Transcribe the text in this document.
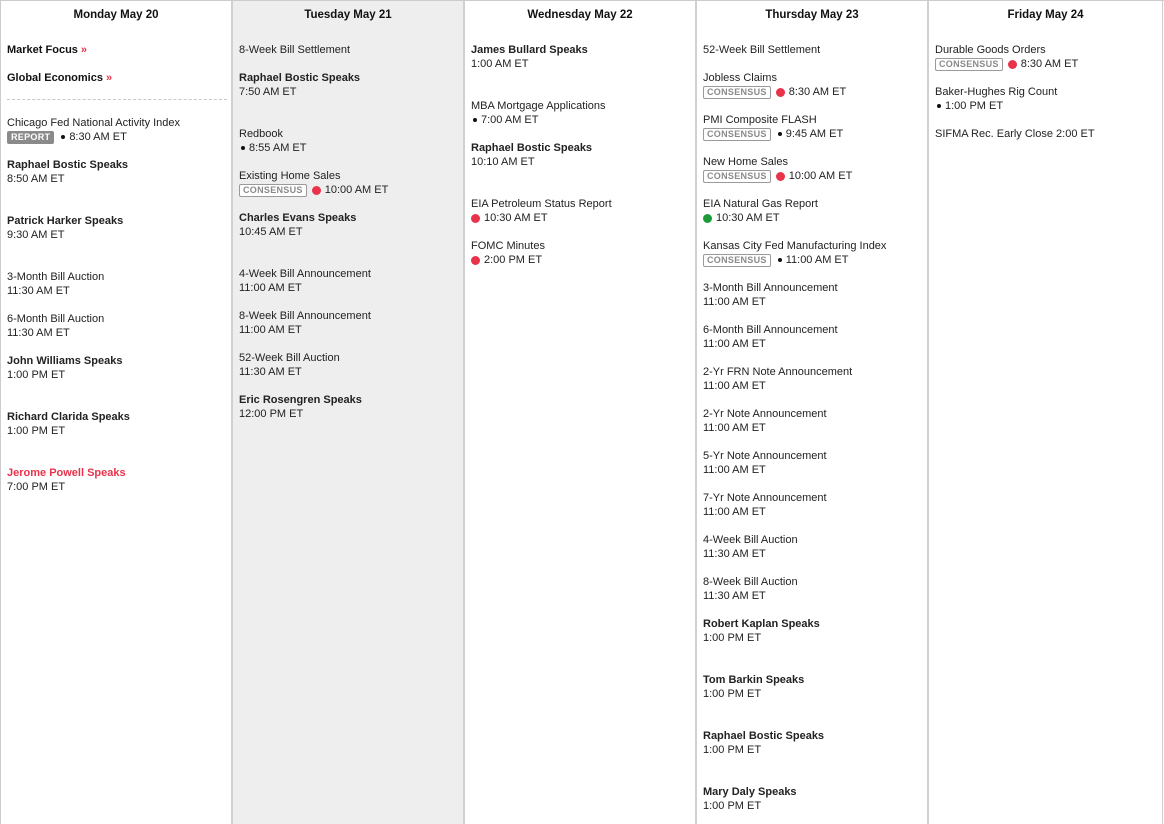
Monday May 20
Market Focus »
Global Economics »
Chicago Fed National Activity Index
REPORT	8:30 AM ET
Raphael Bostic Speaks
8:50 AM ET
Patrick Harker Speaks
9:30 AM ET
3-Month Bill Auction
11:30 AM ET
6-Month Bill Auction
11:30 AM ET
John Williams Speaks
1:00 PM ET
Richard Clarida Speaks
1:00 PM ET
Jerome Powell Speaks
7:00 PM ET
Tuesday May 21
8-Week Bill Settlement
Raphael Bostic Speaks
7:50 AM ET
Redbook
8:55 AM ET
Existing Home Sales
CONSENSUS	10:00 AM ET
Charles Evans Speaks
10:45 AM ET
4-Week Bill Announcement
11:00 AM ET
8-Week Bill Announcement
11:00 AM ET
52-Week Bill Auction
11:30 AM ET
Eric Rosengren Speaks
12:00 PM ET
Wednesday May 22
James Bullard Speaks
1:00 AM ET
MBA Mortgage Applications
7:00 AM ET
Raphael Bostic Speaks
10:10 AM ET
EIA Petroleum Status Report
10:30 AM ET
FOMC Minutes
2:00 PM ET
Thursday May 23
52-Week Bill Settlement
Jobless Claims
CONSENSUS	8:30 AM ET
PMI Composite FLASH
CONSENSUS	9:45 AM ET
New Home Sales
CONSENSUS	10:00 AM ET
EIA Natural Gas Report
10:30 AM ET
Kansas City Fed Manufacturing Index
CONSENSUS	11:00 AM ET
3-Month Bill Announcement
11:00 AM ET
6-Month Bill Announcement
11:00 AM ET
2-Yr FRN Note Announcement
11:00 AM ET
2-Yr Note Announcement
11:00 AM ET
5-Yr Note Announcement
11:00 AM ET
7-Yr Note Announcement
11:00 AM ET
4-Week Bill Auction
11:30 AM ET
8-Week Bill Auction
11:30 AM ET
Robert Kaplan Speaks
1:00 PM ET
Tom Barkin Speaks
1:00 PM ET
Raphael Bostic Speaks
1:00 PM ET
Mary Daly Speaks
1:00 PM ET
Friday May 24
Durable Goods Orders
CONSENSUS	8:30 AM ET
Baker-Hughes Rig Count
1:00 PM ET
SIFMA Rec. Early Close 2:00 ET
